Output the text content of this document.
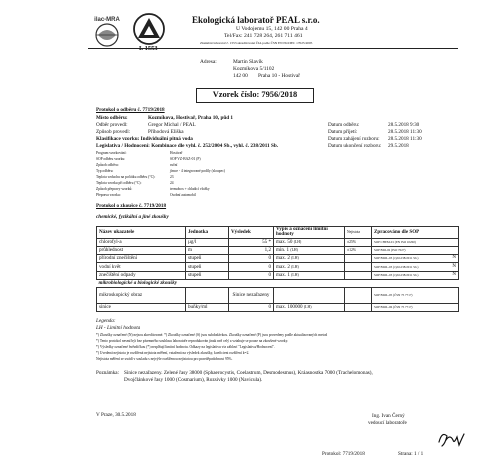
ilac-MRA
L 1553
Ekologická laboratoř PEAL s.r.o.
U Vodojemu 15, 142 00 Praha 4
Tel/Fax: 241 728 264, 261 711 461
Zkušební laboratoř č. 1553 akreditovaná ČIA podle ČSN EN ISO/IEC 17025:2005
Adresa:	Martin Slavík
Kozmíkova 5/1102
142 00 Praha 10 - Hostivař
Vzorek číslo: 7956/2018
Protokol o odběru č. 7719/2018
Místo odběru:	Kozmíkova, Hostivař, Praha 10, půd 1
Odběr provedl:	Gregor Michal / PEAL	Datum odběru:	28.5.2018 9:30
Způsob provedl:	Příhodová Eliška	Datum přijetí:	28.5.2018 11:30
Klasifikace vzorku: Individuální pitná voda	Datum zahájení rozboru: 28.5.2018 11:30
Legislativa / Hodnocení: Kombinace dle vyhl. č. 252/2004 Sb., vyhl. č. 238/2011 Sb.	Datum ukončení rozboru: 29.5.2018
Program vzorkování:	Hostivař
SOP odběru vzorku:	SOP VZ-BAZ-01 (P)
Způsob odběru:	ruční
Typ odběru:	jímce - 4 integrované podíly (sloupec)
Teplota vzduchu na počátku odběru (°C):	23
Teplota vzorku při odběru (°C):	24
Způsob přepravy vzorků:	termobox + chladicí vložky
Přeprava vzorku:	Osobní automobil
Protokol o zkoušce č. 7719/2018
chemické, fyzikální a jiné zkoušky
Název ukazatele	Jednotka	Výsledek	Vypis a označení limitní hodnoty	Nejistota	Zpracováno dle SOP
chlorofyl-a	µg/l	55 *	max. 50 (LH)	±25%	SOP CHEM-01 (EN ISO 10260)

průhlednost	m	1,2	min. 1 (LH)	±12%	SOP BIO-02 (ISO 7027)

přírodní znečištění	stupeň	0	max. 2 (LH)		SOP BIOL-03 (vyhl.238/2011 Sb.) N

vodní květ	stupeň	0	max. 2 (LH)		SOP BIOL-03 (vyhl.238/2011 Sb.) N

znečištění odpady	stupeň	0	max. 1 (LH)		SOP BIOL-03 (vyhl.238/2011 Sb.) N

mikrobiologické a biologické zkoušky					
mikroskopický obraz		Sinice nezařazeny			SOP BIOL-05 (ČSN 75 7717)
sinice	buňky/ml	0	max. 100000 (LH)		SOP BIOL-06 (ČSN 75 7717)
Legenda:
LH - Limitní hodnota
*) Zkoušky označené (N) nejsou akreditované. *) Zkoušky označené (S) jsou subdodávkou. Zkoušky označené (P) jsou provedeny podle aktualizovaných metod
*) Tento protokol nesmí být bez písemného souhlasu laboratoře reprodukován jinak než celý a vztahuje se pouze na zkoušené vzorky.
*) Výsledky označené hvězdičkou (*) nesplňují limitní hodnotu. Odkazy na legislativu viz záhlaví "Legislativa/Hodnocení".
*) Uvedená nejistota je rozšířená nejistota měření, vztažená na výsledek zkoušky, koeficient rozšíření k=2.
Nejistota měření se uvádí v souladu s nejvýše rozšířenou nejistotou pro pravděpodobnost 95%.
Poznámka: Sinice nezařazeny. Zelené řasy 38000 (Sphaerocystis, Coelastrum, Desmodesmus), Kráasnostka 7000 (Trachelomonas),
Dvojčlánkové řasy 1000 (Cosmarium), Rozsivky 1000 (Navicula).
V Praze, 30.5.2018	Ing. Ivan Černý
vedoucí laboratoře
Protokol: 7719/2018	Strana: 1 / 1
